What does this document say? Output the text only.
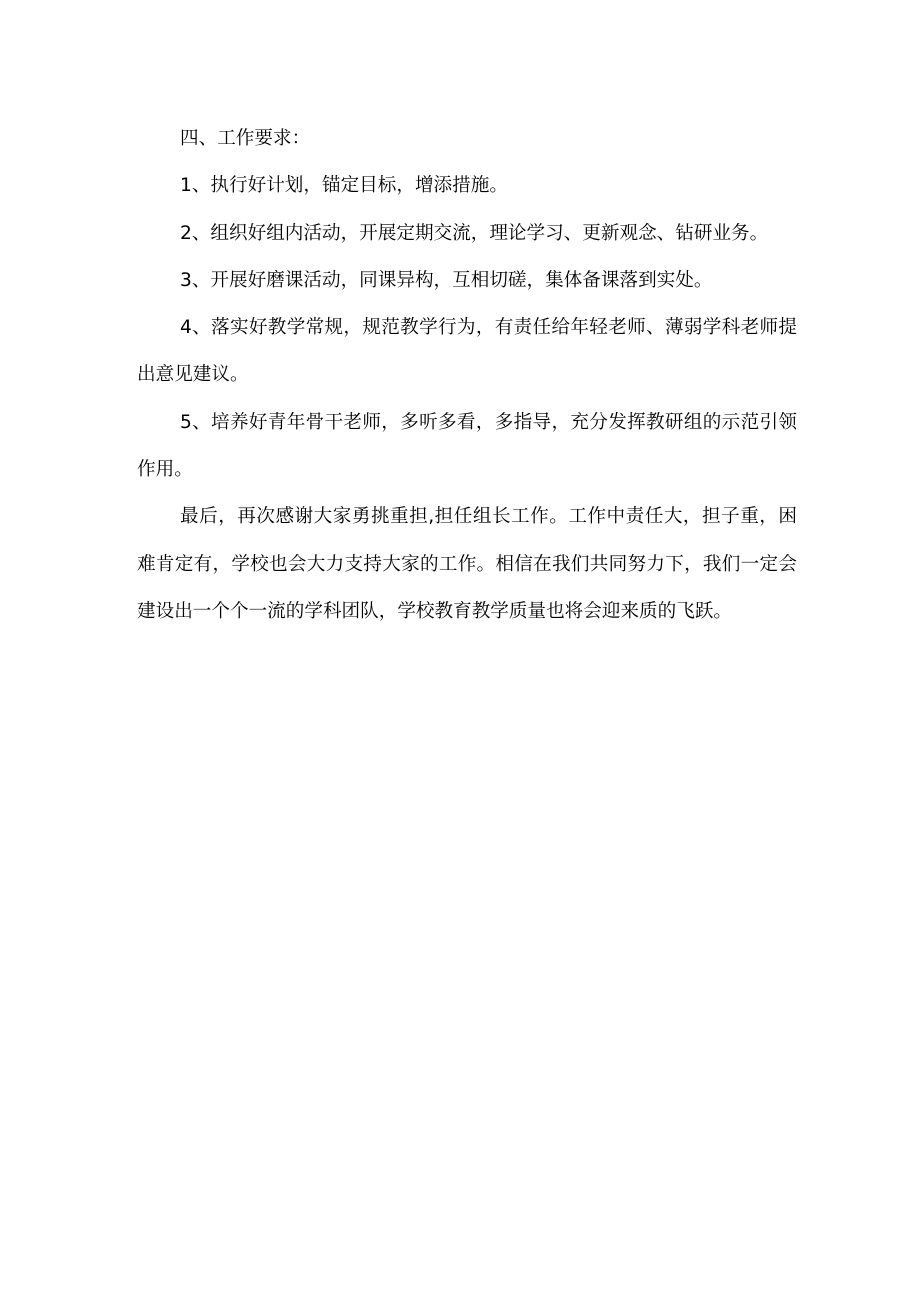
四、工作要求：

1、执行好计划，锚定目标，增添措施。

2、组织好组内活动，开展定期交流，理论学习、更新观念、钻研业务。

3、开展好磨课活动，同课异构，互相切磋，集体备课落到实处。

4、落实好教学常规，规范教学行为，有责任给年轻老师、薄弱学科老师提出意见建议。

5、培养好青年骨干老师，多听多看，多指导，充分发挥教研组的示范引领作用。

最后，再次感谢大家勇挑重担,担任组长工作。工作中责任大，担子重，困难肯定有，学校也会大力支持大家的工作。相信在我们共同努力下，我们一定会建设出一个个一流的学科团队，学校教育教学质量也将会迎来质的飞跃。
